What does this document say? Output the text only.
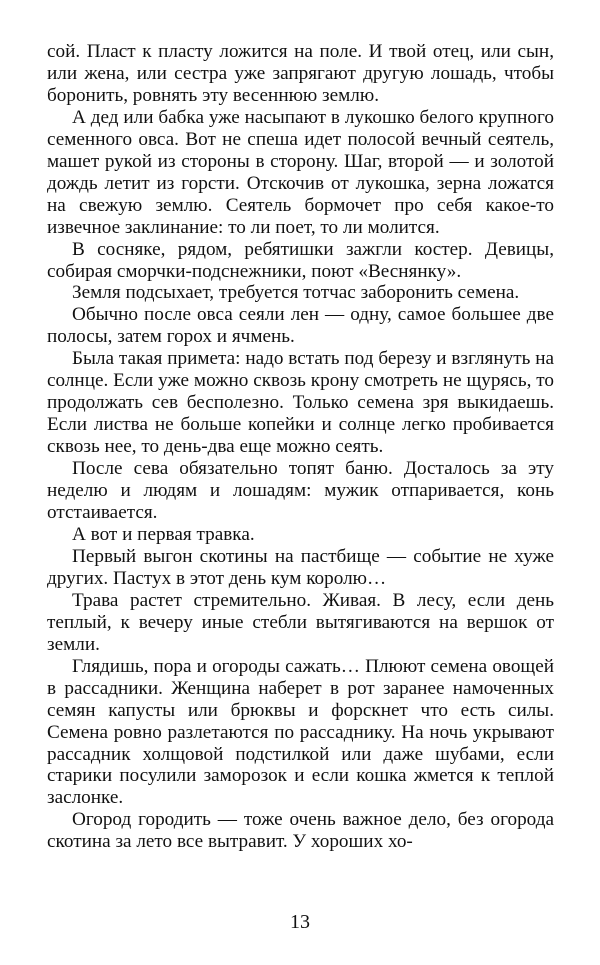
сой. Пласт к пласту ложится на поле. И твой отец, или сын, или жена, или сестра уже запрягают другую лошадь, чтобы боронить, ровнять эту весеннюю землю.

А дед или бабка уже насыпают в лукошко белого крупного семенного овса. Вот не спеша идет полосой вечный сеятель, машет рукой из стороны в сторону. Шаг, второй — и золотой дождь летит из горсти. Отскочив от лукошка, зерна ложатся на свежую землю. Сеятель бормочет про себя какое-то извечное заклинание: то ли поет, то ли молится.

В сосняке, рядом, ребятишки зажгли костер. Девицы, собирая сморчки-подснежники, поют «Веснянку».

Земля подсыхает, требуется тотчас заборонить семена.

Обычно после овса сеяли лен — одну, самое большее две полосы, затем горох и ячмень.

Была такая примета: надо встать под березу и взглянуть на солнце. Если уже можно сквозь крону смотреть не щурясь, то продолжать сев бесполезно. Только семена зря выкидаешь. Если листва не больше копейки и солнце легко пробивается сквозь нее, то день-два еще можно сеять.

После сева обязательно топят баню. Досталось за эту неделю и людям и лошадям: мужик отпаривается, конь отстаивается.

А вот и первая травка.

Первый выгон скотины на пастбище — событие не хуже других. Пастух в этот день кум королю…

Трава растет стремительно. Живая. В лесу, если день теплый, к вечеру иные стебли вытягиваются на вершок от земли.

Глядишь, пора и огороды сажать… Плюют семена овощей в рассадники. Женщина наберет в рот заранее намоченных семян капусты или брюквы и форскнет что есть силы. Семена ровно разлетаются по рассаднику. На ночь укрывают рассадник холщовой подстилкой или даже шубами, если старики посулили заморозок и если кошка жмется к теплой заслонке.

Огород городить — тоже очень важное дело, без огорода скотина за лето все вытравит. У хороших хо-

13
